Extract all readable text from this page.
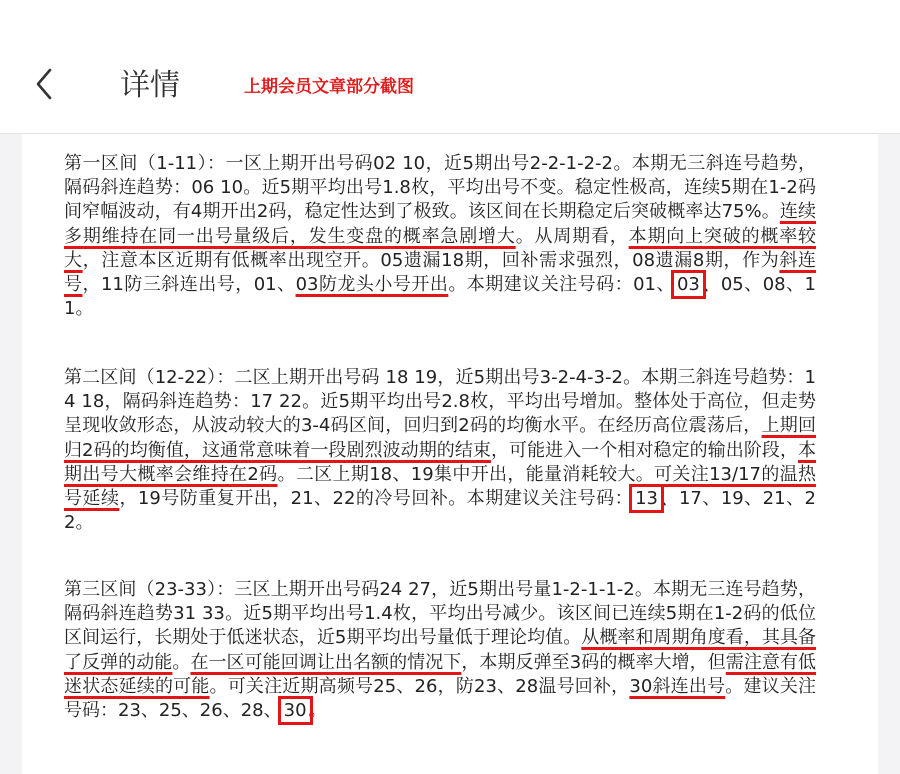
详情	上期会员文章部分截图

第一区间（1-11）：一区上期开出号码02 10，近5期出号2-2-1-2-2。本期无三斜连号趋势，隔码斜连趋势：06 10。近5期平均出号1.8枚，平均出号不变。稳定性极高，连续5期在1-2码间窄幅波动，有4期开出2码，稳定性达到了极致。该区间在长期稳定后突破概率达75%。连续多期维持在同一出号量级后，发生变盘的概率急剧增大。从周期看，本期向上突破的概率较大，注意本区近期有低概率出现空开。05遗漏18期，回补需求强烈，08遗漏8期，作为斜连号，11防三斜连出号，01、03防龙头小号开出。本期建议关注号码：01、 03 、05、08、11。

第二区间（12-22）：二区上期开出号码 18 19，近5期出号3-2-4-3-2。本期三斜连号趋势：14 18，隔码斜连趋势：17 22。近5期平均出号2.8枚，平均出号增加。整体处于高位，但走势呈现收敛形态，从波动较大的3-4码区间，回归到2码的均衡水平。在经历高位震荡后，上期回归2码的均衡值，这通常意味着一段剧烈波动期的结束，可能进入一个相对稳定的输出阶段，本期出号大概率会维持在2码。二区上期18、19集中开出，能量消耗较大。可关注13/17的温热号延续，19号防重复开出，21、22的冷号回补。本期建议关注号码： 13 、17、19、21、22。

第三区间（23-33）：三区上期开出号码24 27，近5期出号量1-2-1-1-2。本期无三连号趋势，隔码斜连趋势31 33。近5期平均出号1.4枚，平均出号减少。该区间已连续5期在1-2码的低位区间运行，长期处于低迷状态，近5期平均出号量低于理论均值。从概率和周期角度看，其具备了反弹的动能。在一区可能回调让出名额的情况下，本期反弹至3码的概率大增，但需注意有低迷状态延续的可能。可关注近期高频号25、26，防23、28温号回补，30斜连出号。建议关注号码：23、25、26、28、 30 。
